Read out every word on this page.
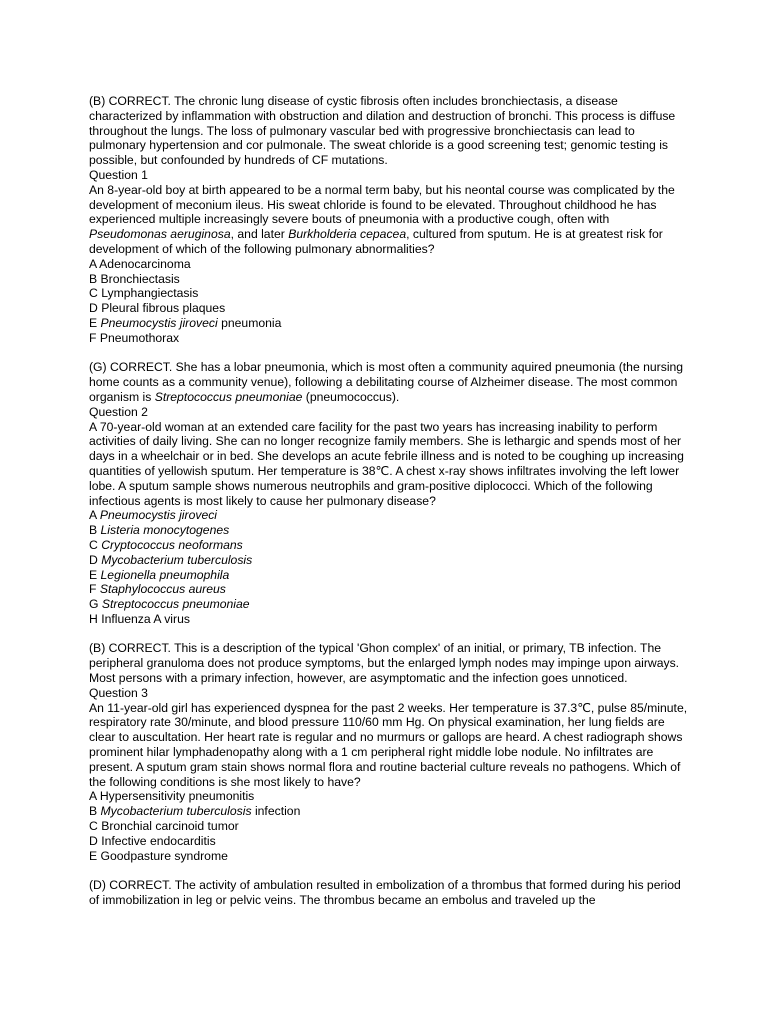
(B) CORRECT. The chronic lung disease of cystic fibrosis often includes bronchiectasis, a disease characterized by inflammation with obstruction and dilation and destruction of bronchi. This process is diffuse throughout the lungs. The loss of pulmonary vascular bed with progressive bronchiectasis can lead to pulmonary hypertension and cor pulmonale. The sweat chloride is a good screening test; genomic testing is possible, but confounded by hundreds of CF mutations.

Question 1

An 8-year-old boy at birth appeared to be a normal term baby, but his neontal course was complicated by the development of meconium ileus. His sweat chloride is found to be elevated. Throughout childhood he has experienced multiple increasingly severe bouts of pneumonia with a productive cough, often with Pseudomonas aeruginosa, and later Burkholderia cepacea, cultured from sputum. He is at greatest risk for development of which of the following pulmonary abnormalities?

A Adenocarcinoma

B Bronchiectasis

C Lymphangiectasis

D Pleural fibrous plaques

E Pneumocystis jiroveci pneumonia

F Pneumothorax

(G) CORRECT. She has a lobar pneumonia, which is most often a community aquired pneumonia (the nursing home counts as a community venue), following a debilitating course of Alzheimer disease. The most common organism is Streptococcus pneumoniae (pneumococcus).

Question 2

A 70-year-old woman at an extended care facility for the past two years has increasing inability to perform activities of daily living. She can no longer recognize family members. She is lethargic and spends most of her days in a wheelchair or in bed. She develops an acute febrile illness and is noted to be coughing up increasing quantities of yellowish sputum. Her temperature is 38℃. A chest x-ray shows infiltrates involving the left lower lobe. A sputum sample shows numerous neutrophils and gram-positive diplococci. Which of the following infectious agents is most likely to cause her pulmonary disease?

A Pneumocystis jiroveci

B Listeria monocytogenes

C Cryptococcus neoformans

D Mycobacterium tuberculosis

E Legionella pneumophila

F Staphylococcus aureus

G Streptococcus pneumoniae

H Influenza A virus

(B) CORRECT. This is a description of the typical 'Ghon complex' of an initial, or primary, TB infection. The peripheral granuloma does not produce symptoms, but the enlarged lymph nodes may impinge upon airways. Most persons with a primary infection, however, are asymptomatic and the infection goes unnoticed.

Question 3

An 11-year-old girl has experienced dyspnea for the past 2 weeks. Her temperature is 37.3℃, pulse 85/minute, respiratory rate 30/minute, and blood pressure 110/60 mm Hg. On physical examination, her lung fields are clear to auscultation. Her heart rate is regular and no murmurs or gallops are heard. A chest radiograph shows prominent hilar lymphadenopathy along with a 1 cm peripheral right middle lobe nodule. No infiltrates are present. A sputum gram stain shows normal flora and routine bacterial culture reveals no pathogens. Which of the following conditions is she most likely to have?

A Hypersensitivity pneumonitis

B Mycobacterium tuberculosis infection

C Bronchial carcinoid tumor

D Infective endocarditis

E Goodpasture syndrome

(D) CORRECT. The activity of ambulation resulted in embolization of a thrombus that formed during his period of immobilization in leg or pelvic veins. The thrombus became an embolus and traveled up the
